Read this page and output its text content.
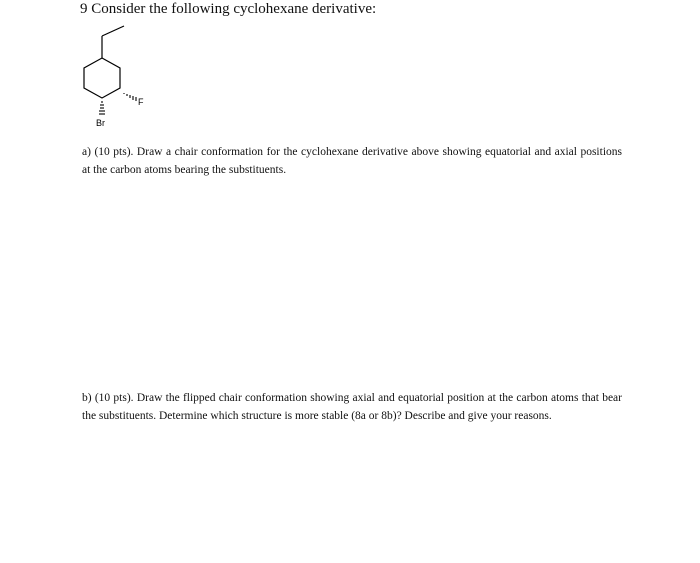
9 Consider the following cyclohexane derivative:
F
Br
a) (10 pts). Draw a chair conformation for the cyclohexane derivative above showing equatorial and axial positions at the carbon atoms bearing the substituents.
b) (10 pts). Draw the flipped chair conformation showing axial and equatorial position at the carbon atoms that bear the substituents. Determine which structure is more stable (8a or 8b)? Describe and give your reasons.
